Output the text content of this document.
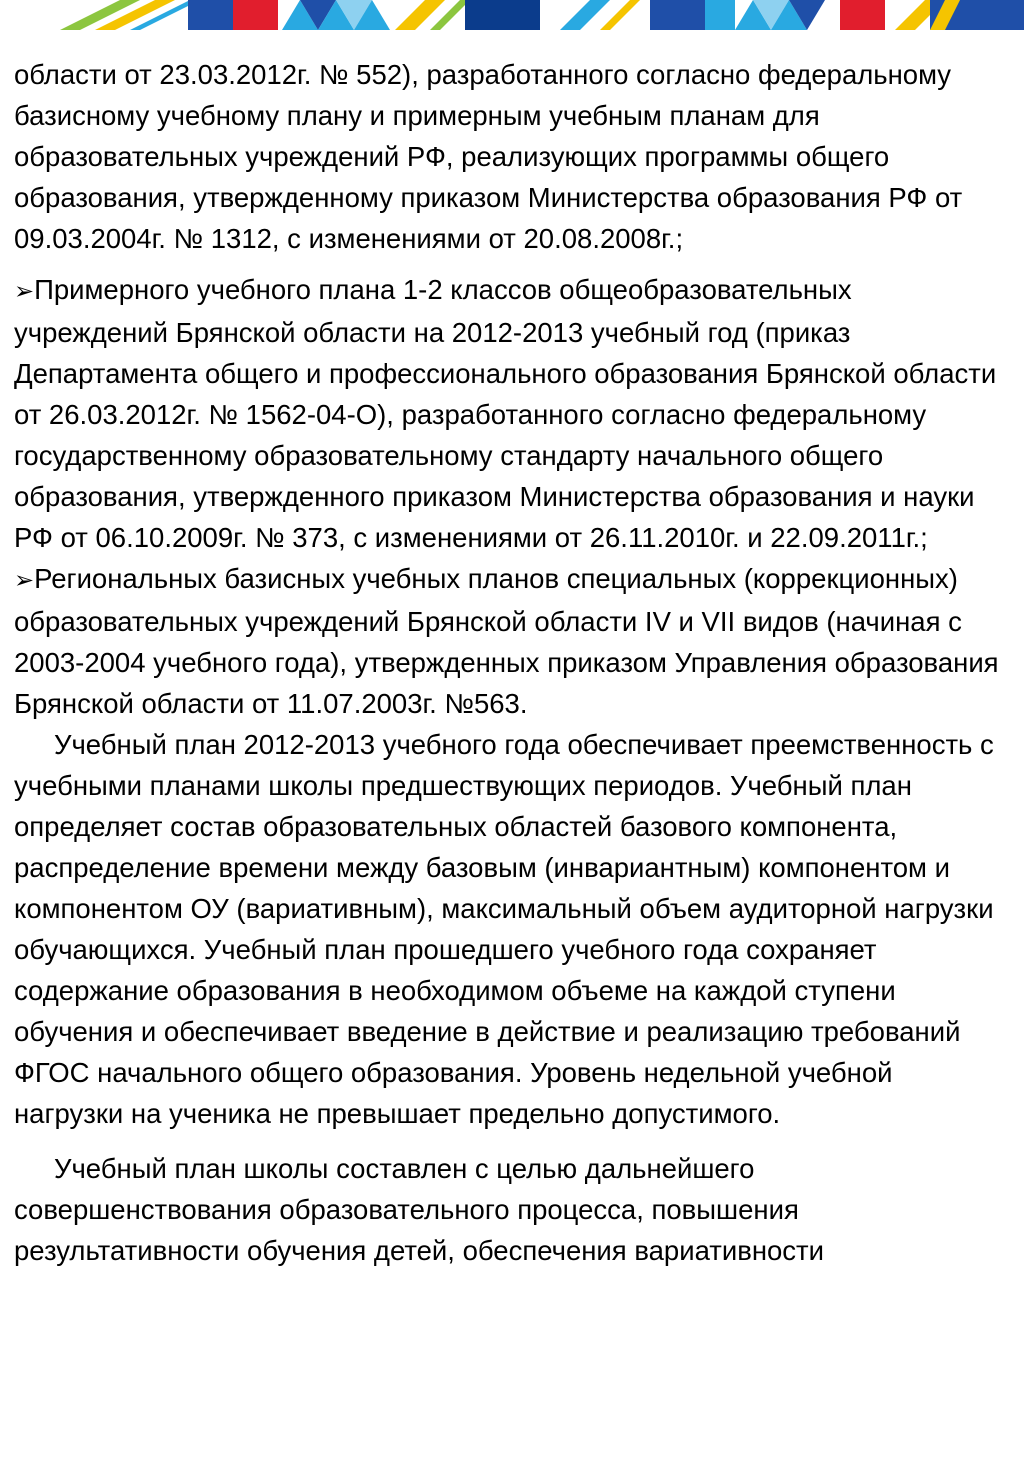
области от 23.03.2012г. № 552), разработанного согласно федеральному базисному учебному плану и примерным учебным планам для образовательных учреждений РФ, реализующих программы общего образования, утвержденному приказом Министерства образования РФ от 09.03.2004г. № 1312, с изменениями от 20.08.2008г.;

➢Примерного учебного плана 1-2 классов общеобразовательных учреждений Брянской области на 2012-2013 учебный год (приказ Департамента общего и профессионального образования Брянской области от 26.03.2012г. № 1562-04-О), разработанного согласно федеральному государственному образовательному стандарту начального общего образования, утвержденного приказом Министерства образования и науки РФ от 06.10.2009г. № 373, с изменениями от 26.11.2010г. и 22.09.2011г.;

➢Региональных базисных учебных планов специальных (коррекционных) образовательных учреждений Брянской области IV и VII видов (начиная с 2003-2004 учебного года), утвержденных приказом Управления образования Брянской области от 11.07.2003г. №563.

Учебный план 2012-2013 учебного года обеспечивает преемственность с учебными планами школы предшествующих периодов. Учебный план определяет состав образовательных областей базового компонента, распределение времени между базовым (инвариантным) компонентом и компонентом ОУ (вариативным), максимальный объем аудиторной нагрузки обучающихся. Учебный план прошедшего учебного года сохраняет содержание образования в необходимом объеме на каждой ступени обучения и обеспечивает введение в действие и реализацию требований ФГОС начального общего образования. Уровень недельной учебной нагрузки на ученика не превышает предельно допустимого.

Учебный план школы составлен с целью дальнейшего совершенствования образовательного процесса, повышения результативности обучения детей, обеспечения вариативности
